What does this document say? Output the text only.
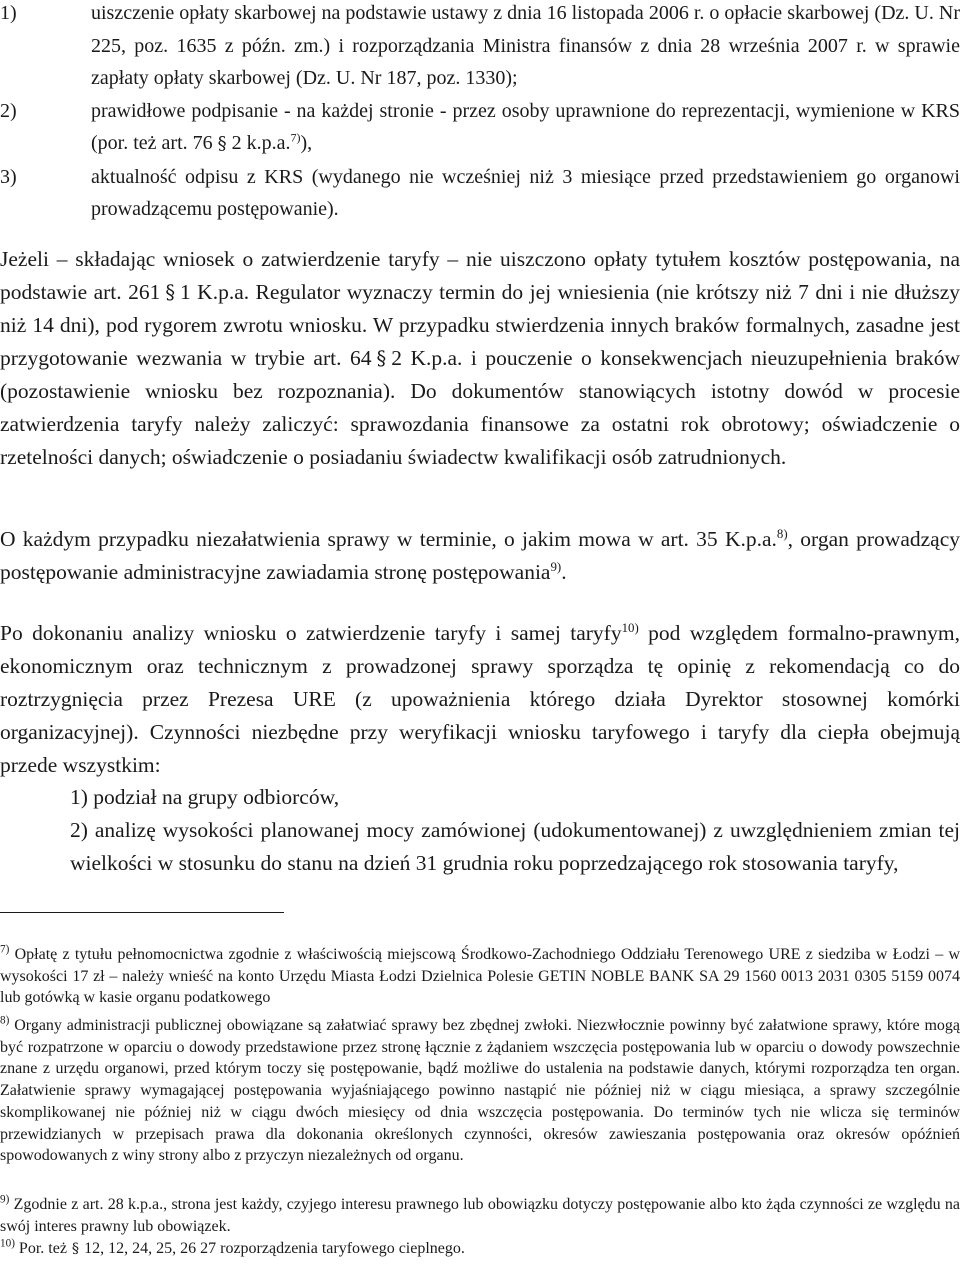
1)	uiszczenie opłaty skarbowej na podstawie ustawy z dnia 16 listopada 2006 r. o opłacie skarbowej (Dz. U. Nr 225, poz. 1635 z późn. zm.) i rozporządzania Ministra finansów z dnia 28 września 2007 r. w sprawie zapłaty opłaty skarbowej (Dz. U. Nr 187, poz. 1330);
2)	prawidłowe podpisanie - na każdej stronie - przez osoby uprawnione do reprezentacji, wymienione w KRS (por. też art. 76 § 2 k.p.a.$^{7)}$),
3)	aktualność odpisu z KRS (wydanego nie wcześniej niż 3 miesiące przed przedstawieniem go organowi prowadzącemu postępowanie).
Jeżeli – składając wniosek o zatwierdzenie taryfy – nie uiszczono opłaty tytułem kosztów postępowania, na podstawie art. 261 § 1 K.p.a. Regulator wyznaczy termin do jej wniesienia (nie krótszy niż 7 dni i nie dłuższy niż 14 dni), pod rygorem zwrotu wniosku. W przypadku stwierdzenia innych braków formalnych, zasadne jest przygotowanie wezwania w trybie art. 64 § 2 K.p.a. i pouczenie o konsekwencjach nieuzupełnienia braków (pozostawienie wniosku bez rozpoznania). Do dokumentów stanowiących istotny dowód w procesie zatwierdzenia taryfy należy zaliczyć: sprawozdania finansowe za ostatni rok obrotowy; oświadczenie o rzetelności danych; oświadczenie o posiadaniu świadectw kwalifikacji osób zatrudnionych.
O każdym przypadku niezałatwienia sprawy w terminie, o jakim mowa w art. 35 K.p.a.$^{8)}$, organ prowadzący postępowanie administracyjne zawiadamia stronę postępowania$^{9)}$.
Po dokonaniu analizy wniosku o zatwierdzenie taryfy i samej taryfy$^{10)}$ pod względem formalno-prawnym, ekonomicznym oraz technicznym z prowadzonej sprawy sporządza tę opinię z rekomendacją co do roztrzygnięcia przez Prezesa URE (z upoważnienia którego działa Dyrektor stosownej komórki organizacyjnej). Czynności niezbędne przy weryfikacji wniosku taryfowego i taryfy dla ciepła obejmują przede wszystkim:
1) podział na grupy odbiorców,
2) analizę wysokości planowanej mocy zamówionej (udokumentowanej) z uwzględnieniem zmian tej wielkości w stosunku do stanu na dzień 31 grudnia roku poprzedzającego rok stosowania taryfy,
$^{7)}$ Opłatę z tytułu pełnomocnictwa zgodnie z właściwością miejscową Środkowo-Zachodniego Oddziału Terenowego URE z siedziba w Łodzi – w wysokości 17 zł – należy wnieść na konto Urzędu Miasta Łodzi Dzielnica Polesie GETIN NOBLE BANK SA 29 1560 0013 2031 0305 5159 0074 lub gotówką w kasie organu podatkowego
$^{8)}$ Organy administracji publicznej obowiązane są załatwiać sprawy bez zbędnej zwłoki. Niezwłocznie powinny być załatwione sprawy, które mogą być rozpatrzone w oparciu o dowody przedstawione przez stronę łącznie z żądaniem wszczęcia postępowania lub w oparciu o dowody powszechnie znane z urzędu organowi, przed którym toczy się postępowanie, bądź możliwe do ustalenia na podstawie danych, którymi rozporządza ten organ. Załatwienie sprawy wymagającej postępowania wyjaśniającego powinno nastąpić nie później niż w ciągu miesiąca, a sprawy szczególnie skomplikowanej nie później niż w ciągu dwóch miesięcy od dnia wszczęcia postępowania. Do terminów tych nie wlicza się terminów przewidzianych w przepisach prawa dla dokonania określonych czynności, okresów zawieszania postępowania oraz okresów opóźnień spowodowanych z winy strony albo z przyczyn niezależnych od organu.
$^{9)}$ Zgodnie z art. 28 k.p.a., strona jest każdy, czyjego interesu prawnego lub obowiązku dotyczy postępowanie albo kto żąda czynności ze względu na swój interes prawny lub obowiązek.
$^{10)}$ Por. też § 12, 12, 24, 25, 26 27 rozporządzenia taryfowego cieplnego.
